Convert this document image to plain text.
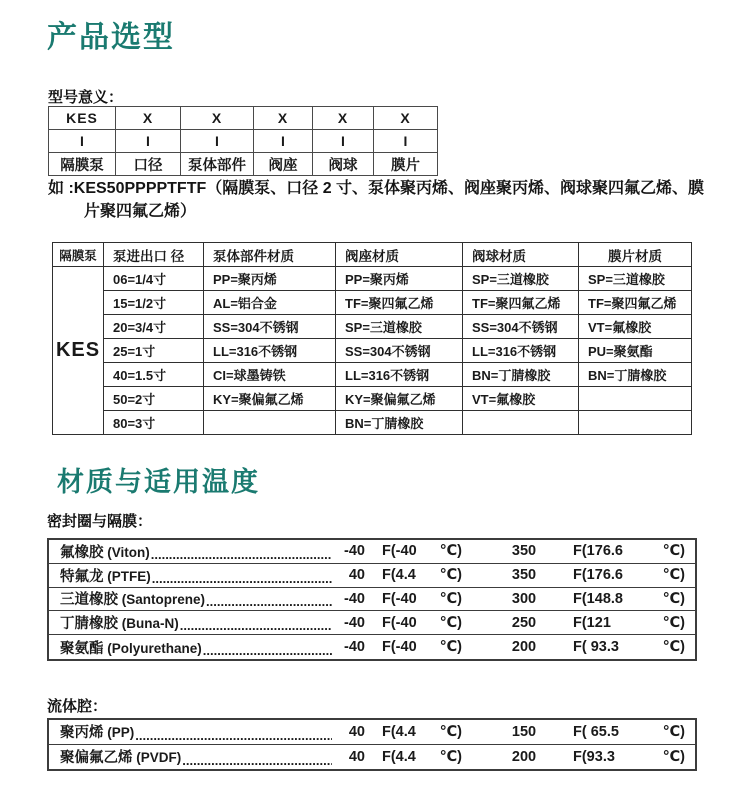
产品选型
型号意义：
KES	X	X	X	X	X
I	I	I	I	I	I
隔膜泵	口径	泵体部件	阀座	阀球	膜片
如 :KES50PPPPTFTF（隔膜泵、口径 2 寸、泵体聚丙烯、阀座聚丙烯、阀球聚四氟乙烯、膜
片聚四氟乙烯）
隔膜泵	泵进出口 径	泵体部件材质	阀座材质	阀球材质	膜片材质
KES	06=1/4寸	PP=聚丙烯	PP=聚丙烯	SP=三道橡胶	SP=三道橡胶
	15=1/2寸	AL=铝合金	TF=聚四氟乙烯	TF=聚四氟乙烯	TF=聚四氟乙烯
	20=3/4寸	SS=304不锈钢	SP=三道橡胶	SS=304不锈钢	VT=氟橡胶
	25=1寸	LL=316不锈钢	SS=304不锈钢	LL=316不锈钢	PU=聚氨酯
	40=1.5寸	CI=球墨铸铁	LL=316不锈钢	BN=丁腈橡胶	BN=丁腈橡胶
	50=2寸	KY=聚偏氟乙烯	KY=聚偏氟乙烯	VT=氟橡胶	
	80=3寸		BN=丁腈橡胶		
材质与适用温度
密封圈与隔膜：
氟橡胶 (Viton) .....	-40 F(-40 ℃)	350	F(176.6	℃)
特氟龙 (PTFE) .....	40 F(4.4 ℃)	350	F(176.6	℃)
三道橡胶 (Santoprene) .....	-40 F(-40 ℃)	300	F(148.8	℃)
丁腈橡胶 (Buna-N) .....	-40 F(-40 ℃)	250	F(121	℃)
聚氨酯 (Polyurethane) .....	-40 F(-40 ℃)	200	F( 93.3	℃)
流体腔：
聚丙烯 (PP) .....	40 F(4.4 ℃)	150	F( 65.5	℃)
聚偏氟乙烯 (PVDF) .....	40 F(4.4 ℃)	200	F(93.3	℃)
